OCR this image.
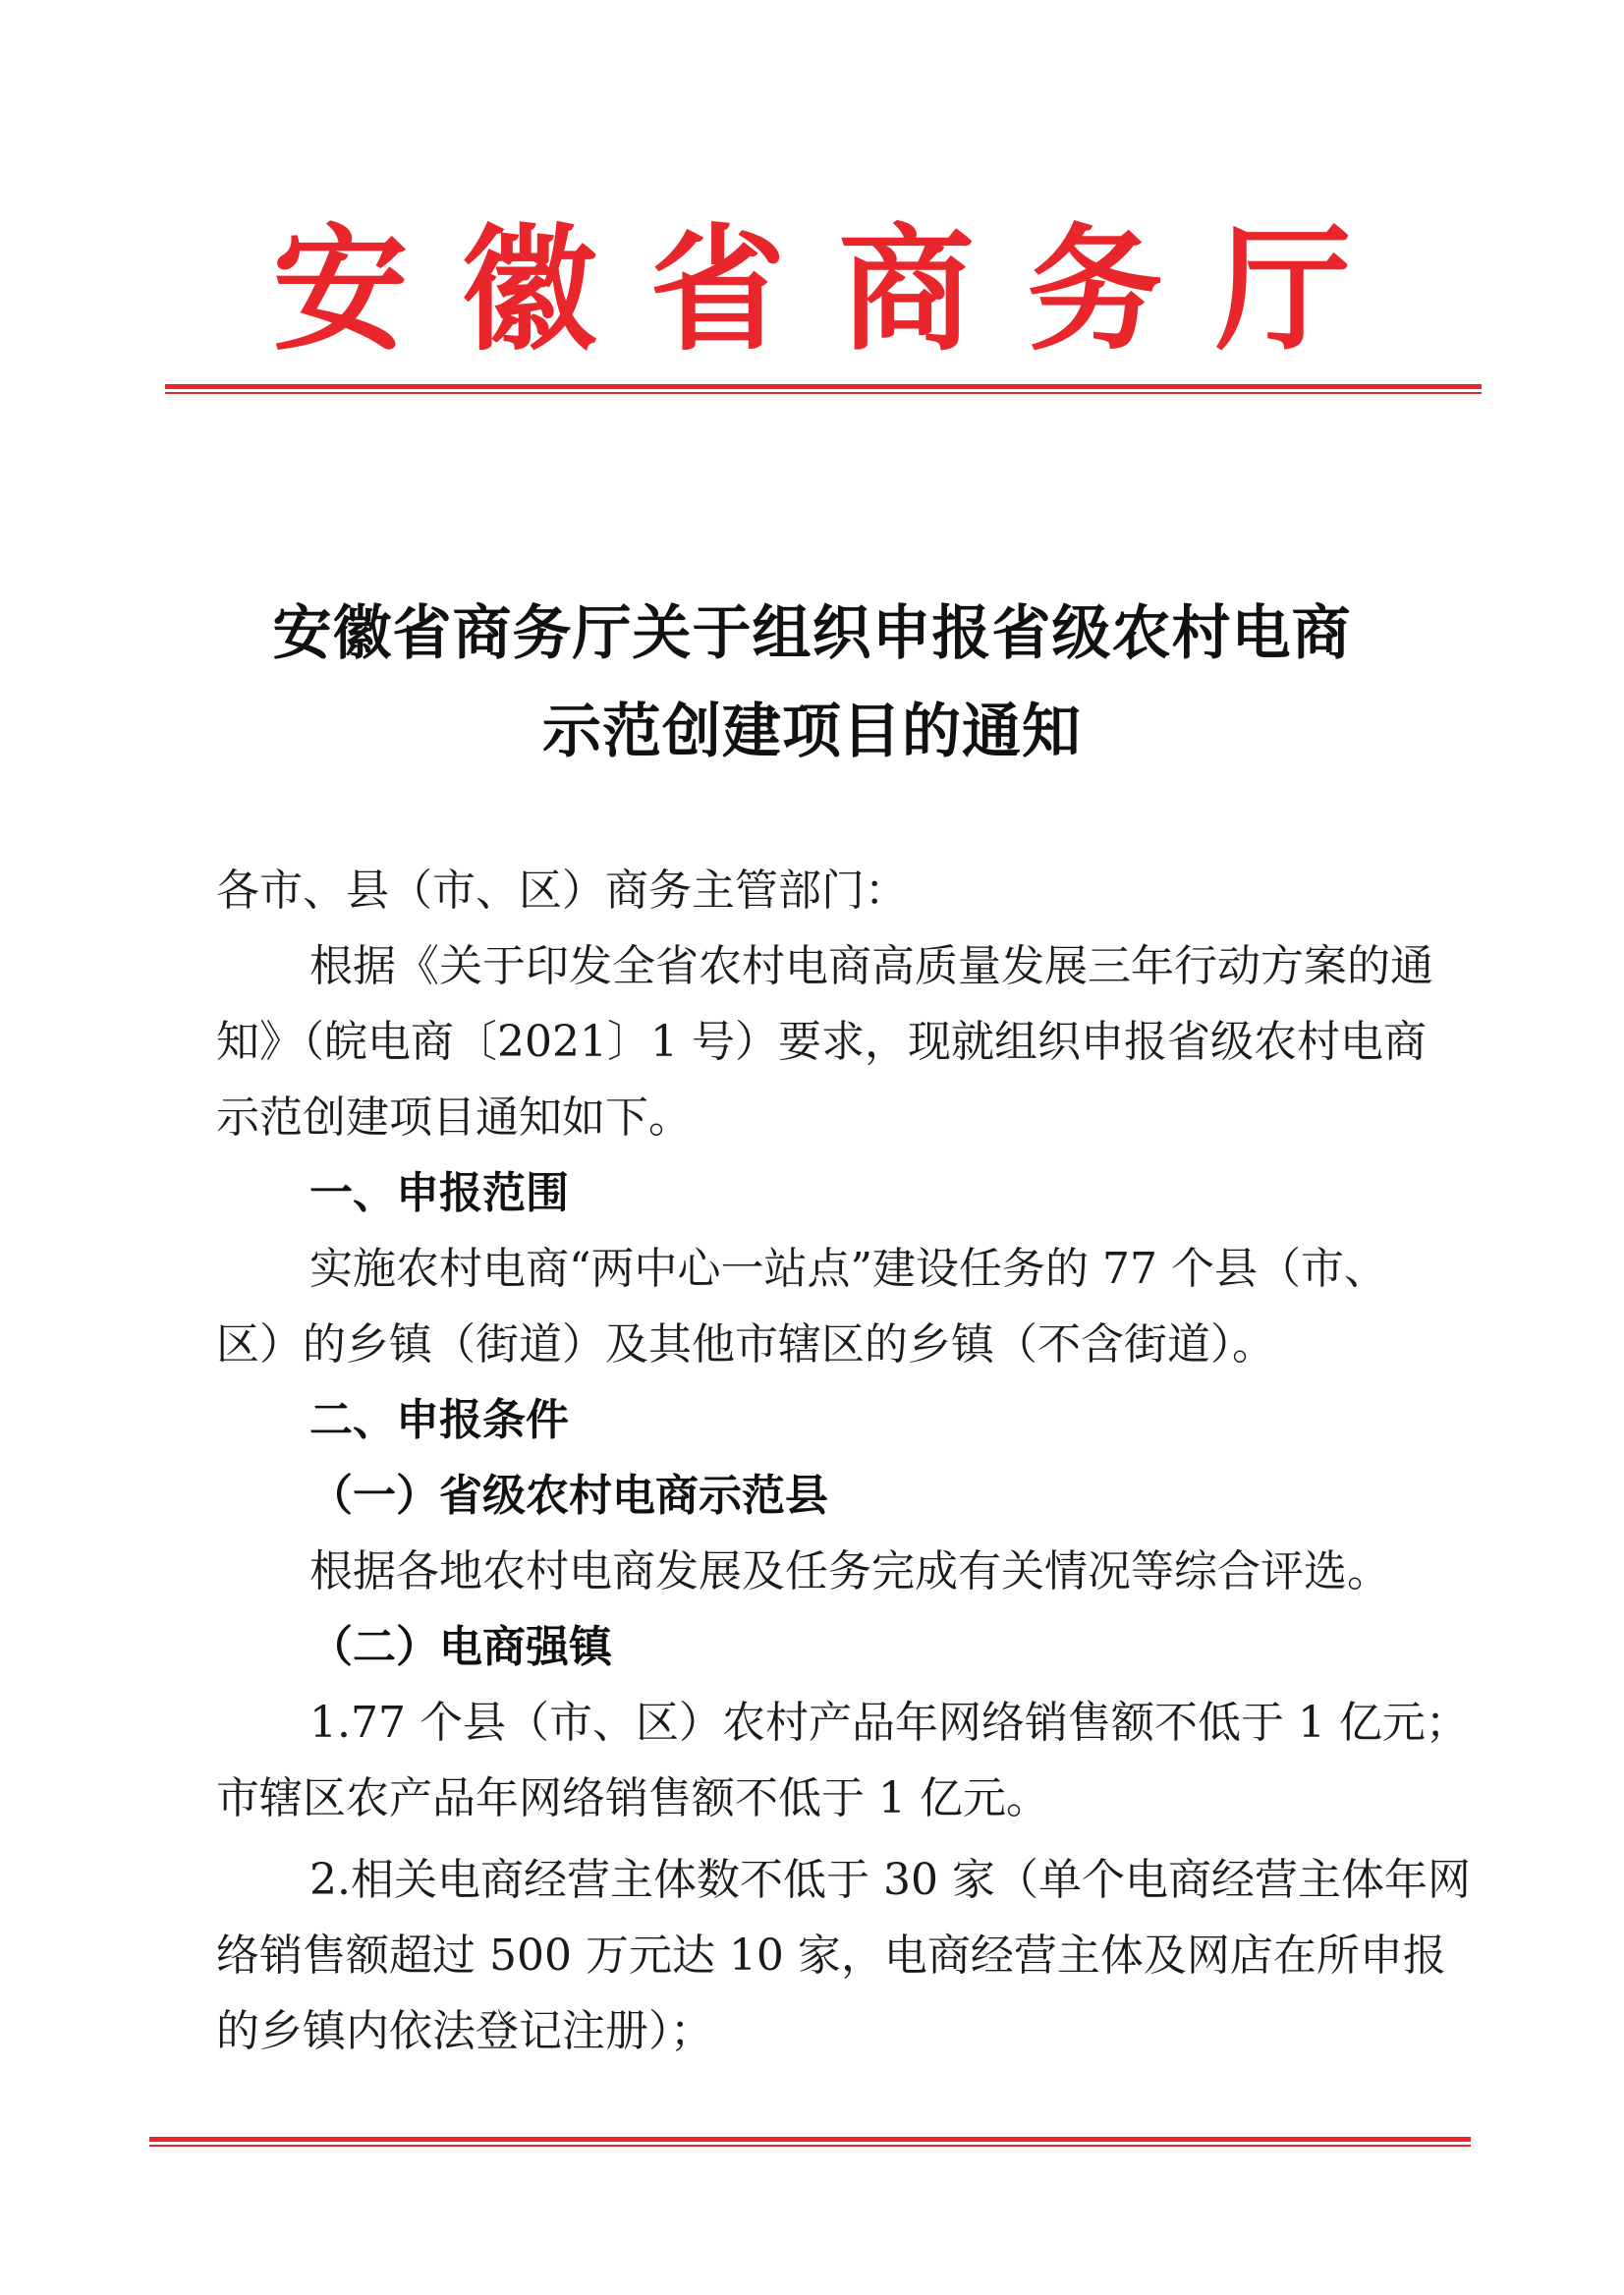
安徽省商务厅
安徽省商务厅关于组织申报省级农村电商
示范创建项目的通知
各市、县（市、区）商务主管部门：
根据《关于印发全省农村电商高质量发展三年行动方案的通
知》（皖电商〔2021〕1 号）要求，现就组织申报省级农村电商
示范创建项目通知如下。
一、申报范围
实施农村电商“两中心一站点”建设任务的 77 个县（市、
区）的乡镇（街道）及其他市辖区的乡镇（不含街道）。
二、申报条件
（一）省级农村电商示范县
根据各地农村电商发展及任务完成有关情况等综合评选。
（二）电商强镇
1.77 个县（市、区）农村产品年网络销售额不低于 1 亿元；
市辖区农产品年网络销售额不低于 1 亿元。
2.相关电商经营主体数不低于 30 家（单个电商经营主体年网
络销售额超过 500 万元达 10 家，电商经营主体及网店在所申报
的乡镇内依法登记注册）；
